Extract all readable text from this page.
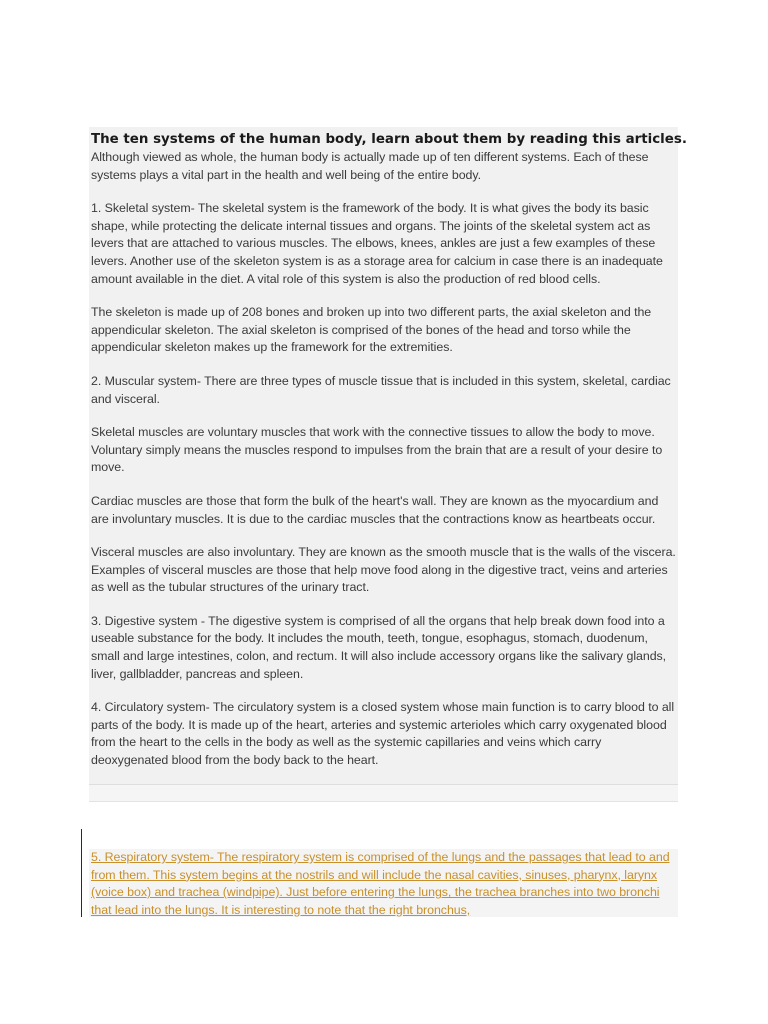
The ten systems of the human body, learn about them by reading this articles.

Although viewed as whole, the human body is actually made up of ten different systems. Each of these systems plays a vital part in the health and well being of the entire body.

1. Skeletal system- The skeletal system is the framework of the body. It is what gives the body its basic shape, while protecting the delicate internal tissues and organs. The joints of the skeletal system act as levers that are attached to various muscles. The elbows, knees, ankles are just a few examples of these levers. Another use of the skeleton system is as a storage area for calcium in case there is an inadequate amount available in the diet. A vital role of this system is also the production of red blood cells.

The skeleton is made up of 208 bones and broken up into two different parts, the axial skeleton and the appendicular skeleton. The axial skeleton is comprised of the bones of the head and torso while the appendicular skeleton makes up the framework for the extremities.

2. Muscular system- There are three types of muscle tissue that is included in this system, skeletal, cardiac and visceral.

Skeletal muscles are voluntary muscles that work with the connective tissues to allow the body to move. Voluntary simply means the muscles respond to impulses from the brain that are a result of your desire to move.

Cardiac muscles are those that form the bulk of the heart's wall. They are known as the myocardium and are involuntary muscles. It is due to the cardiac muscles that the contractions know as heartbeats occur.

Visceral muscles are also involuntary. They are known as the smooth muscle that is the walls of the viscera. Examples of visceral muscles are those that help move food along in the digestive tract, veins and arteries as well as the tubular structures of the urinary tract.

3. Digestive system - The digestive system is comprised of all the organs that help break down food into a useable substance for the body. It includes the mouth, teeth, tongue, esophagus, stomach, duodenum, small and large intestines, colon, and rectum. It will also include accessory organs like the salivary glands, liver, gallbladder, pancreas and spleen.

4. Circulatory system- The circulatory system is a closed system whose main function is to carry blood to all parts of the body. It is made up of the heart, arteries and systemic arterioles which carry oxygenated blood from the heart to the cells in the body as well as the systemic capillaries and veins which carry deoxygenated blood from the body back to the heart.

5. Respiratory system- The respiratory system is comprised of the lungs and the passages that lead to and from them. This system begins at the nostrils and will include the nasal cavities, sinuses, pharynx, larynx (voice box) and trachea (windpipe). Just before entering the lungs, the trachea branches into two bronchi that lead into the lungs. It is interesting to note that the right bronchus,
